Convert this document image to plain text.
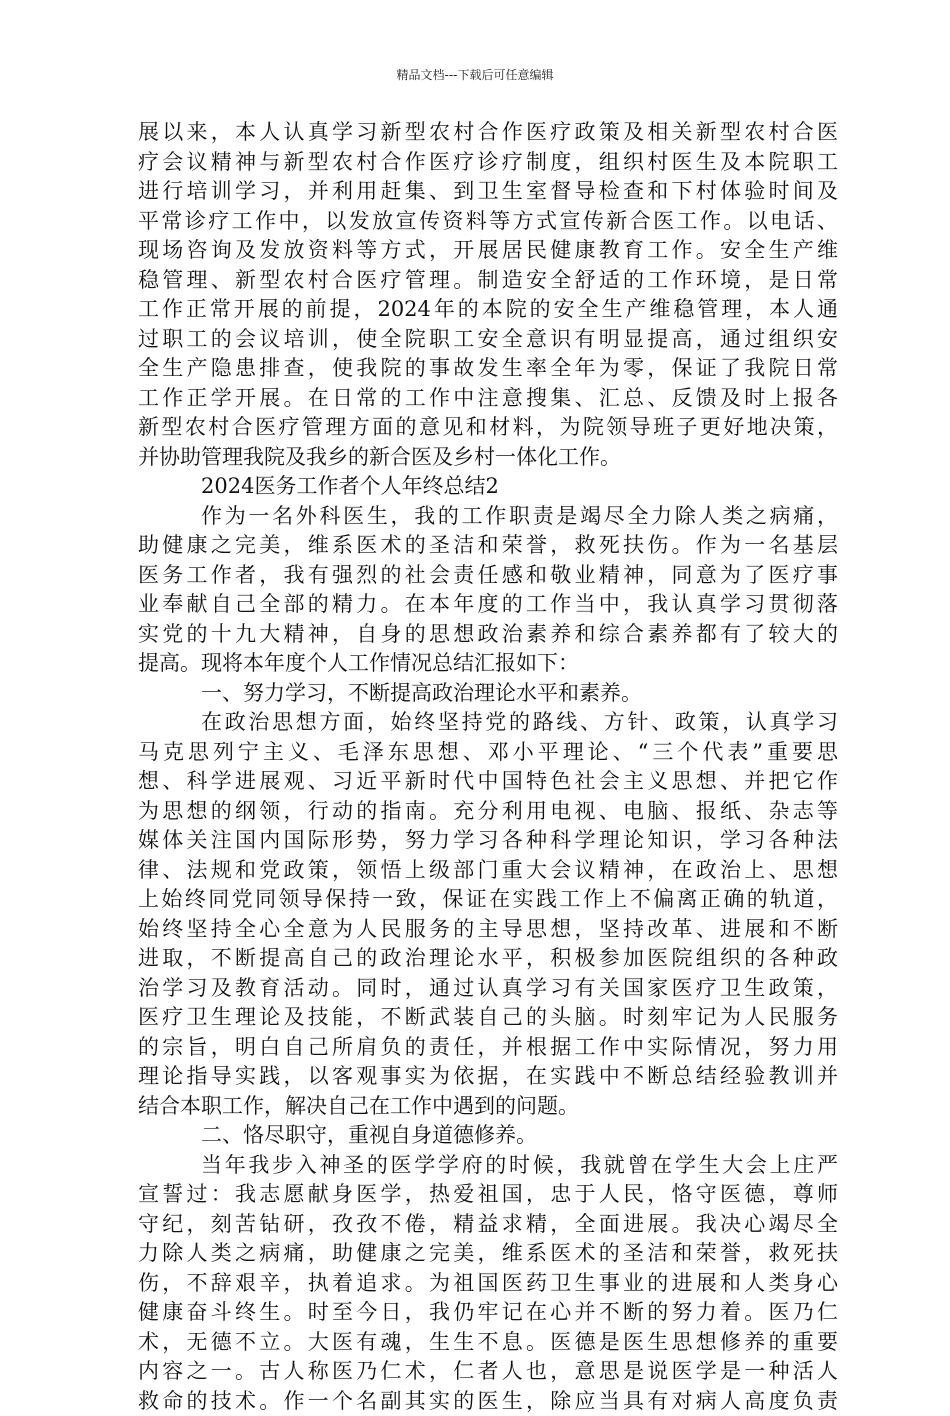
精品文档---下载后可任意编辑
展以来，本人认真学习新型农村合作医疗政策及相关新型农村合医
疗会议精神与新型农村合作医疗诊疗制度，组织村医生及本院职工
进行培训学习，并利用赶集、到卫生室督导检查和下村体验时间及
平常诊疗工作中，以发放宣传资料等方式宣传新合医工作。以电话、
现场咨询及发放资料等方式，开展居民健康教育工作。安全生产维
稳管理、新型农村合医疗管理。制造安全舒适的工作环境，是日常
工作正常开展的前提，2024年的本院的安全生产维稳管理，本人通
过职工的会议培训，使全院职工安全意识有明显提高，通过组织安
全生产隐患排查，使我院的事故发生率全年为零，保证了我院日常
工作正学开展。在日常的工作中注意搜集、汇总、反馈及时上报各
新型农村合医疗管理方面的意见和材料，为院领导班子更好地决策，
并协助管理我院及我乡的新合医及乡村一体化工作。
2024医务工作者个人年终总结2
作为一名外科医生，我的工作职责是竭尽全力除人类之病痛，
助健康之完美，维系医术的圣洁和荣誉，救死扶伤。作为一名基层
医务工作者，我有强烈的社会责任感和敬业精神，同意为了医疗事
业奉献自己全部的精力。在本年度的工作当中，我认真学习贯彻落
实党的十九大精神，自身的思想政治素养和综合素养都有了较大的
提高。现将本年度个人工作情况总结汇报如下：
一、努力学习，不断提高政治理论水平和素养。
在政治思想方面，始终坚持党的路线、方针、政策，认真学习
马克思列宁主义、毛泽东思想、邓小平理论、“三个代表”重要思
想、科学进展观、习近平新时代中国特色社会主义思想、并把它作
为思想的纲领，行动的指南。充分利用电视、电脑、报纸、杂志等
媒体关注国内国际形势，努力学习各种科学理论知识，学习各种法
律、法规和党政策，领悟上级部门重大会议精神，在政治上、思想
上始终同党同领导保持一致，保证在实践工作上不偏离正确的轨道，
始终坚持全心全意为人民服务的主导思想，坚持改革、进展和不断
进取，不断提高自己的政治理论水平，积极参加医院组织的各种政
治学习及教育活动。同时，通过认真学习有关国家医疗卫生政策，
医疗卫生理论及技能，不断武装自己的头脑。时刻牢记为人民服务
的宗旨，明白自己所肩负的责任，并根据工作中实际情况，努力用
理论指导实践，以客观事实为依据，在实践中不断总结经验教训并
结合本职工作，解决自己在工作中遇到的问题。
二、恪尽职守，重视自身道德修养。
当年我步入神圣的医学学府的时候，我就曾在学生大会上庄严
宣誓过：我志愿献身医学，热爱祖国，忠于人民，恪守医德，尊师
守纪，刻苦钻研，孜孜不倦，精益求精，全面进展。我决心竭尽全
力除人类之病痛，助健康之完美，维系医术的圣洁和荣誉，救死扶
伤，不辞艰辛，执着追求。为祖国医药卫生事业的进展和人类身心
健康奋斗终生。时至今日，我仍牢记在心并不断的努力着。医乃仁
术，无德不立。大医有魂，生生不息。医德是医生思想修养的重要
内容之一。古人称医乃仁术，仁者人也，意思是说医学是一种活人
救命的技术。作一个名副其实的医生，除应当具有对病人高度负责
